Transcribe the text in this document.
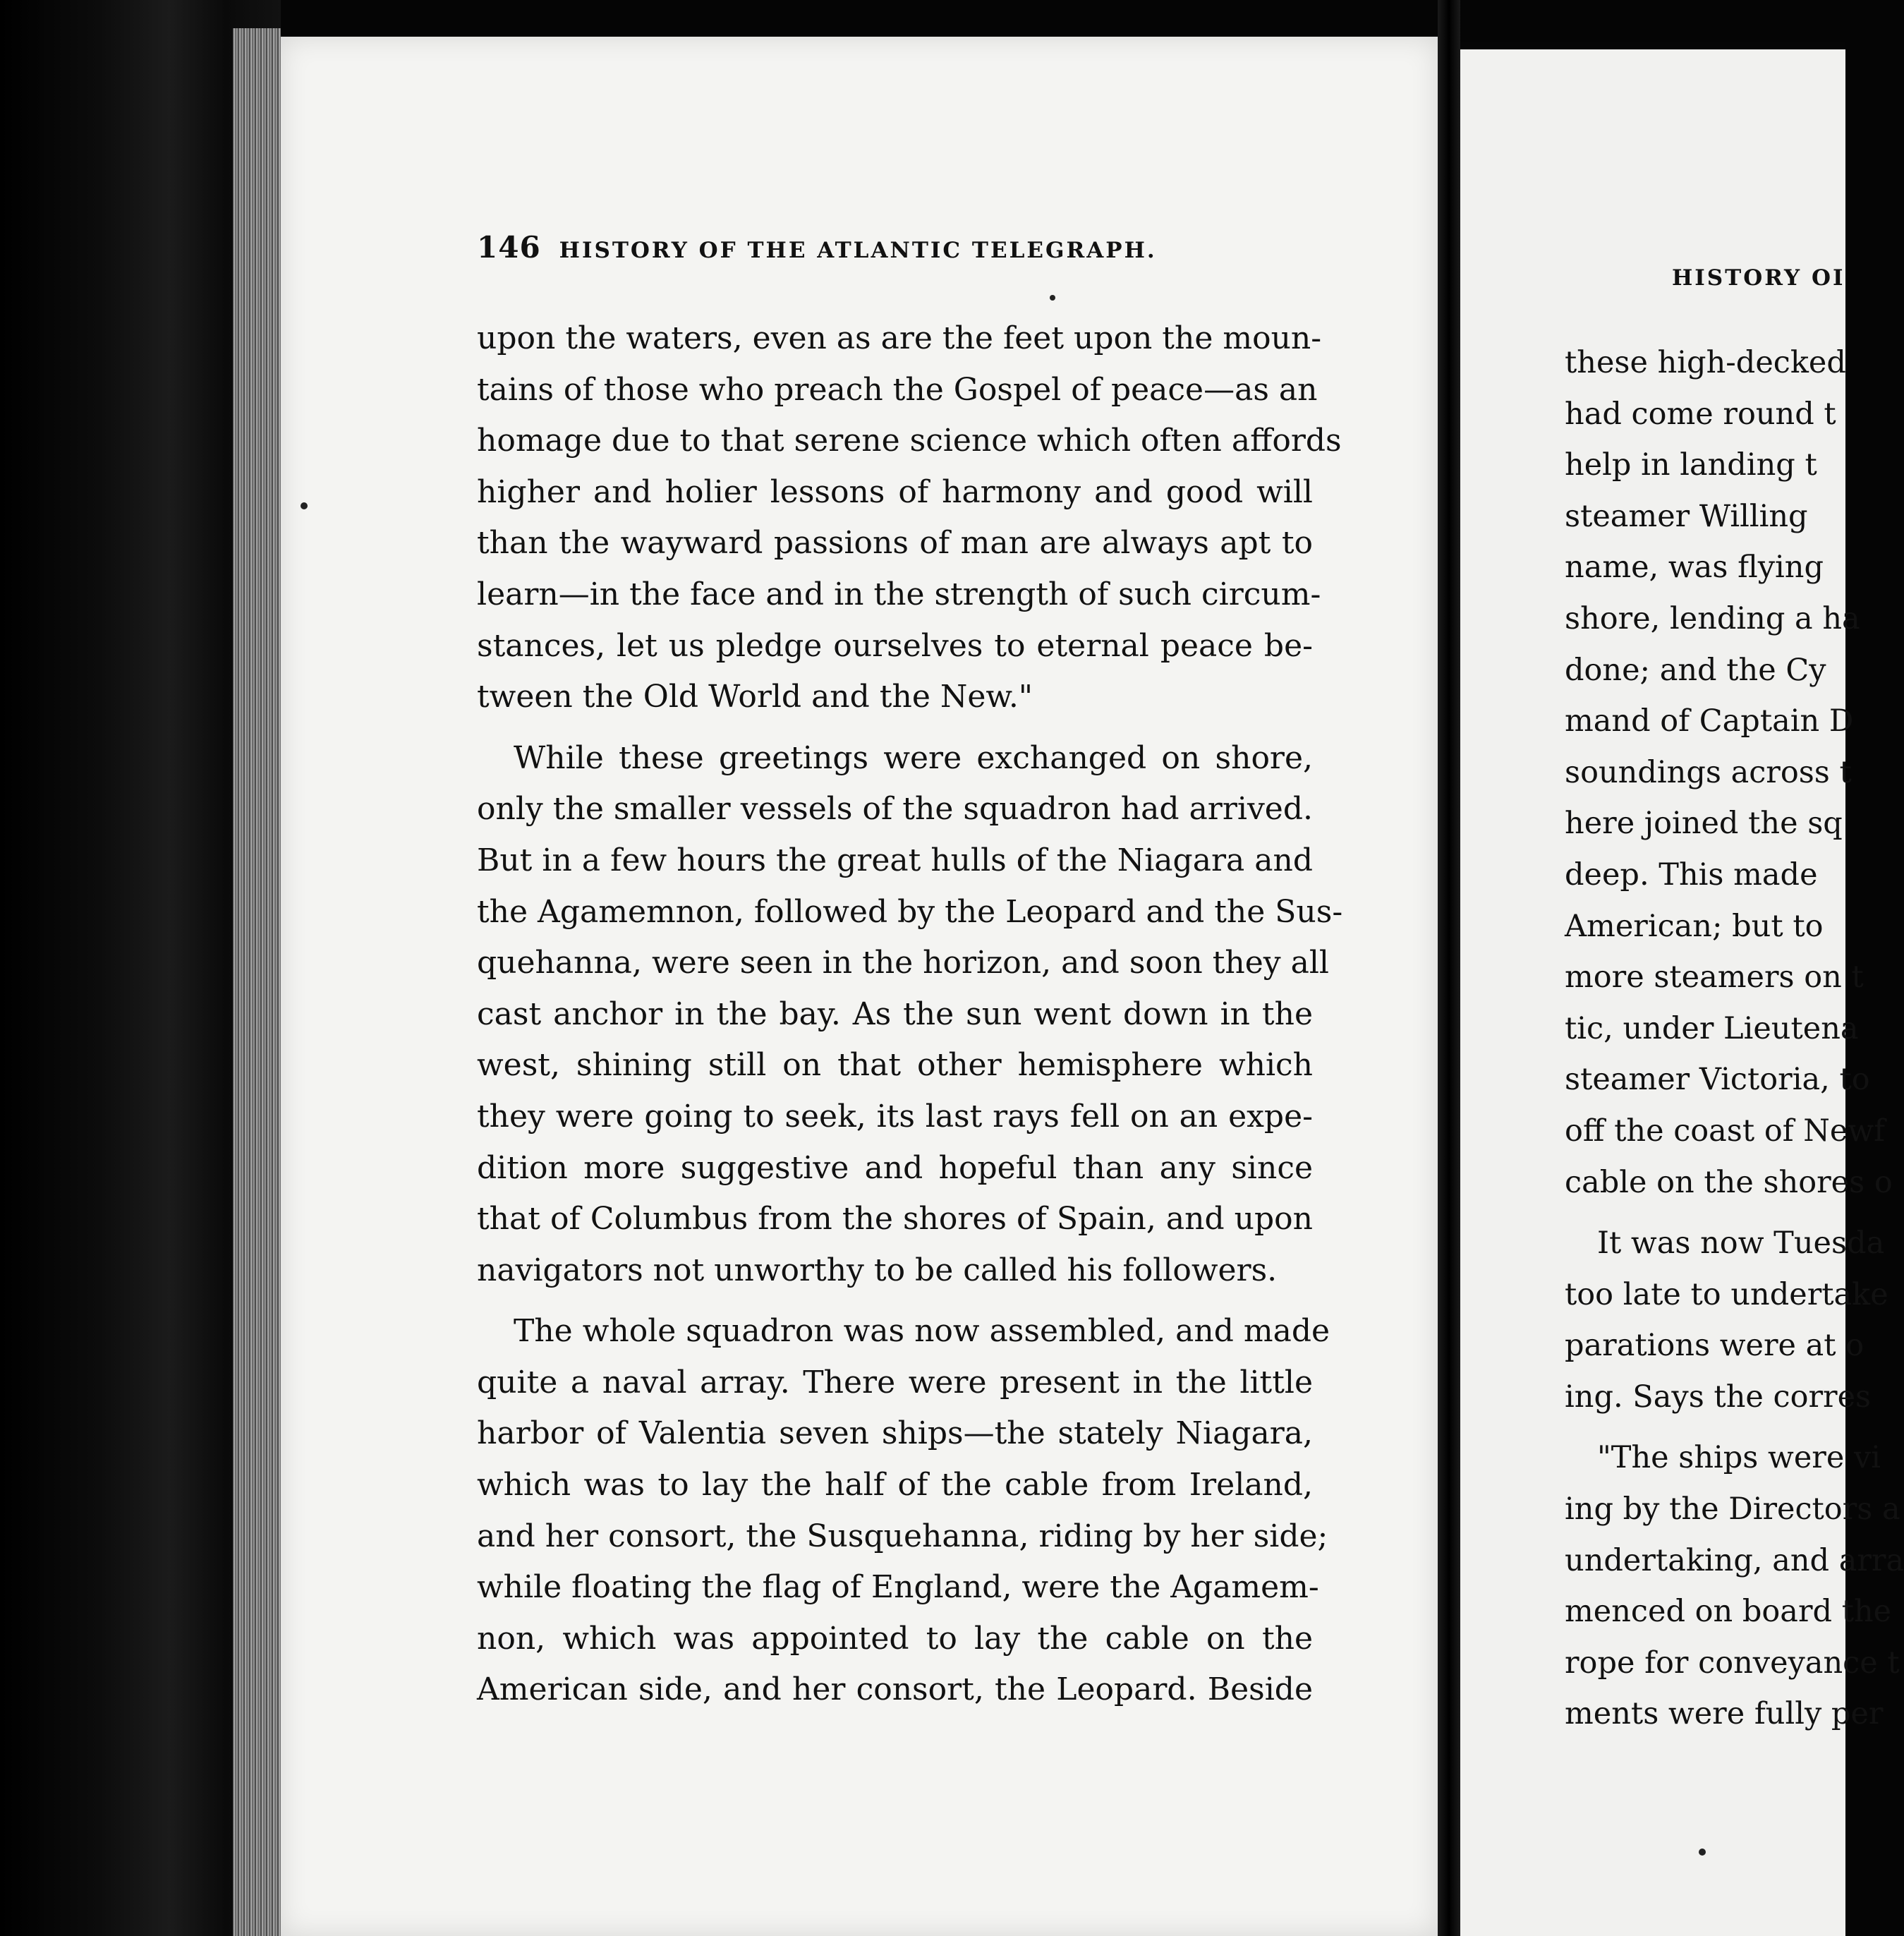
146 HISTORY OF THE ATLANTIC TELEGRAPH.

upon the waters, even as are the feet upon the moun-
tains of those who preach the Gospel of peace—as an
homage due to that serene science which often affords
higher and holier lessons of harmony and good will
than the wayward passions of man are always apt to
learn—in the face and in the strength of such circum-
stances, let us pledge ourselves to eternal peace be-
tween the Old World and the New."

While these greetings were exchanged on shore,
only the smaller vessels of the squadron had arrived.
But in a few hours the great hulls of the Niagara and
the Agamemnon, followed by the Leopard and the Sus-
quehanna, were seen in the horizon, and soon they all
cast anchor in the bay. As the sun went down in the
west, shining still on that other hemisphere which
they were going to seek, its last rays fell on an expe-
dition more suggestive and hopeful than any since
that of Columbus from the shores of Spain, and upon
navigators not unworthy to be called his followers.

The whole squadron was now assembled, and made
quite a naval array. There were present in the little
harbor of Valentia seven ships—the stately Niagara,
which was to lay the half of the cable from Ireland,
and her consort, the Susquehanna, riding by her side;
while floating the flag of England, were the Agamem-
non, which was appointed to lay the cable on the
American side, and her consort, the Leopard. Beside

HISTORY OI
these high-decked
had come round t
help in landing t
steamer Willing
name, was flying
shore, lending a ha
done; and the Cy
mand of Captain D
soundings across t
here joined the sq
deep. This made
American; but to
more steamers on t
tic, under Lieutena
steamer Victoria, to
off the coast of Newf
cable on the shores o
It was now Tuesda
too late to undertake
parations were at o
ing. Says the corres
"The ships were vi
ing by the Directors a
undertaking, and arra
menced on board the
rope for conveyance t
ments were fully per
